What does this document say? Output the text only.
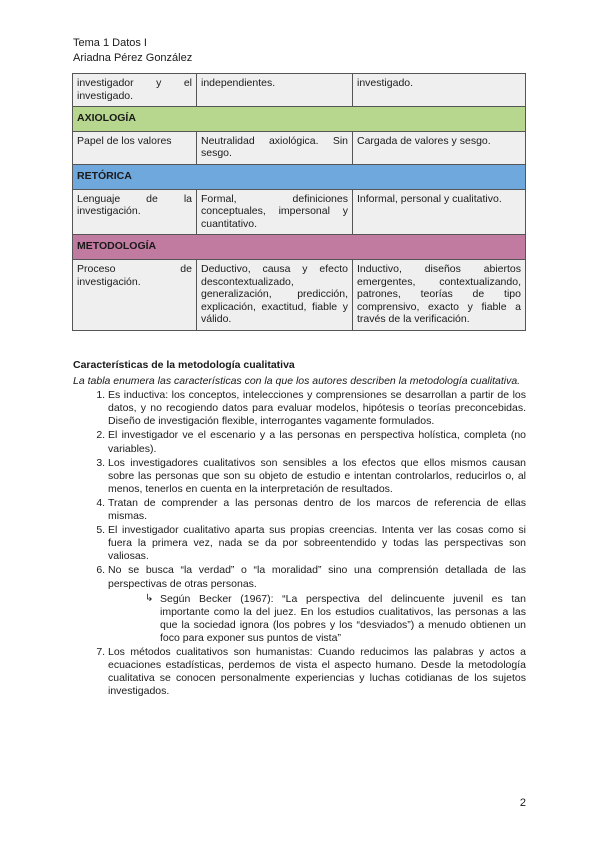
Tema 1 Datos I
Ariadna Pérez González
investigador y el investigado.	independientes.	investigado.
AXIOLOGÍA		
Papel de los valores	Neutralidad axiológica. Sin sesgo.	Cargada de valores y sesgo.
RETÓRICA		
Lenguaje de la investigación.	Formal, definiciones conceptuales, impersonal y cuantitativo.	Informal, personal y cualitativo.
METODOLOGÍA		
Proceso de investigación.	Deductivo, causa y efecto descontextualizado, generalización, predicción, explicación, exactitud, fiable y válido.	Inductivo, diseños abiertos emergentes, contextualizando, patrones, teorías de tipo comprensivo, exacto y fiable a través de la verificación.

Características de la metodología cualitativa

La tabla enumera las características con la que los autores describen la metodología cualitativa.

1. Es inductiva: los conceptos, intelecciones y comprensiones se desarrollan a partir de los datos, y no recogiendo datos para evaluar modelos, hipótesis o teorías preconcebidas. Diseño de investigación flexible, interrogantes vagamente formulados.
2. El investigador ve el escenario y a las personas en perspectiva holística, completa (no variables).
3. Los investigadores cualitativos son sensibles a los efectos que ellos mismos causan sobre las personas que son su objeto de estudio e intentan controlarlos, reducirlos o, al menos, tenerlos en cuenta en la interpretación de resultados.
4. Tratan de comprender a las personas dentro de los marcos de referencia de ellas mismas.
5. El investigador cualitativo aparta sus propias creencias. Intenta ver las cosas como si fuera la primera vez, nada se da por sobreentendido y todas las perspectivas son valiosas.
6. No se busca “la verdad” o “la moralidad” sino una comprensión detallada de las perspectivas de otras personas.
↳ Según Becker (1967): “La perspectiva del delincuente juvenil es tan importante como la del juez. En los estudios cualitativos, las personas a las que la sociedad ignora (los pobres y los “desviados”) a menudo obtienen un foco para exponer sus puntos de vista”
7. Los métodos cualitativos son humanistas: Cuando reducimos las palabras y actos a ecuaciones estadísticas, perdemos de vista el aspecto humano. Desde la metodología cualitativa se conocen personalmente experiencias y luchas cotidianas de los sujetos investigados.
2
